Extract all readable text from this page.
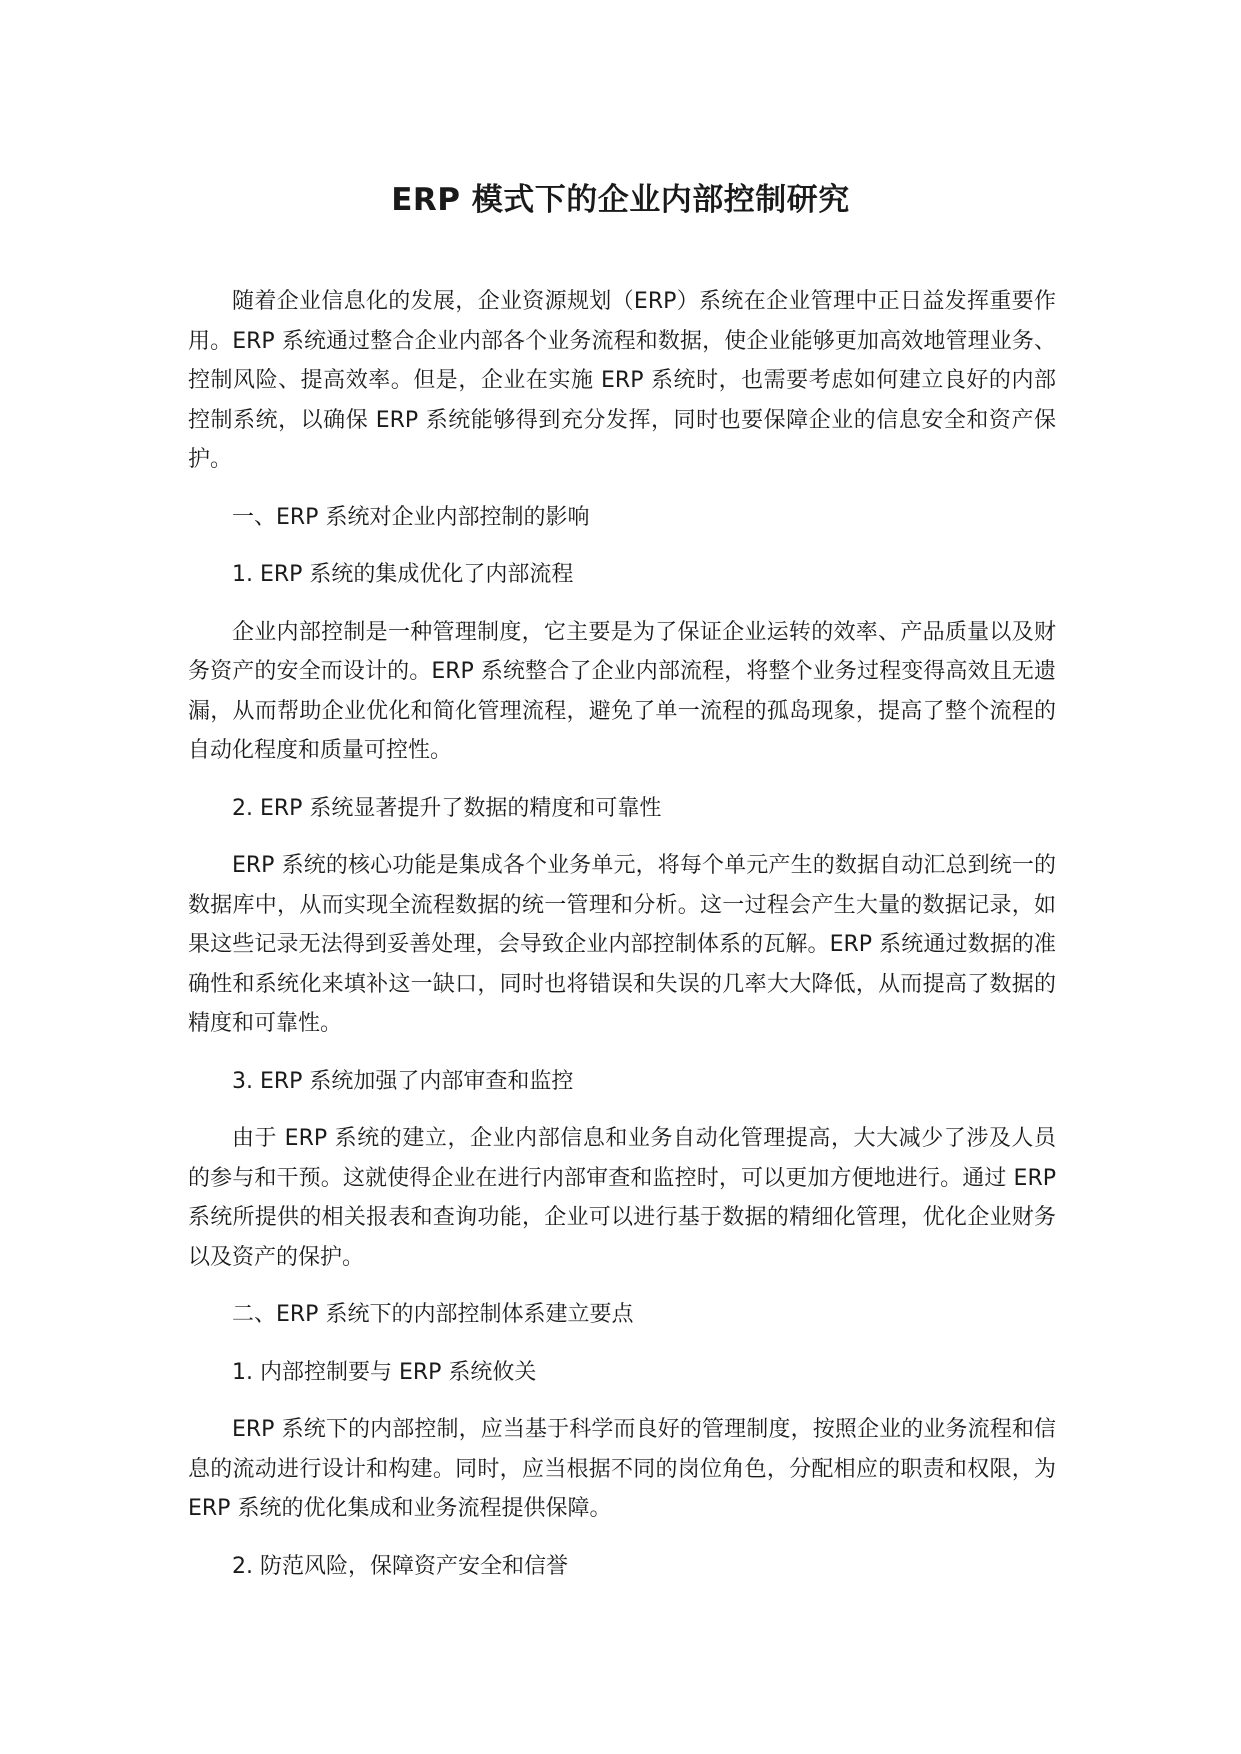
ERP 模式下的企业内部控制研究

随着企业信息化的发展，企业资源规划（ERP）系统在企业管理中正日益发挥重要作用。ERP 系统通过整合企业内部各个业务流程和数据，使企业能够更加高效地管理业务、控制风险、提高效率。但是，企业在实施 ERP 系统时，也需要考虑如何建立良好的内部控制系统，以确保 ERP 系统能够得到充分发挥，同时也要保障企业的信息安全和资产保护。

一、ERP 系统对企业内部控制的影响

1. ERP 系统的集成优化了内部流程

企业内部控制是一种管理制度，它主要是为了保证企业运转的效率、产品质量以及财务资产的安全而设计的。ERP 系统整合了企业内部流程，将整个业务过程变得高效且无遗漏，从而帮助企业优化和简化管理流程，避免了单一流程的孤岛现象，提高了整个流程的自动化程度和质量可控性。

2. ERP 系统显著提升了数据的精度和可靠性

ERP 系统的核心功能是集成各个业务单元，将每个单元产生的数据自动汇总到统一的数据库中，从而实现全流程数据的统一管理和分析。这一过程会产生大量的数据记录，如果这些记录无法得到妥善处理，会导致企业内部控制体系的瓦解。ERP 系统通过数据的准确性和系统化来填补这一缺口，同时也将错误和失误的几率大大降低，从而提高了数据的精度和可靠性。

3. ERP 系统加强了内部审查和监控

由于 ERP 系统的建立，企业内部信息和业务自动化管理提高，大大减少了涉及人员的参与和干预。这就使得企业在进行内部审查和监控时，可以更加方便地进行。通过 ERP 系统所提供的相关报表和查询功能，企业可以进行基于数据的精细化管理，优化企业财务以及资产的保护。

二、ERP 系统下的内部控制体系建立要点

1. 内部控制要与 ERP 系统攸关

ERP 系统下的内部控制，应当基于科学而良好的管理制度，按照企业的业务流程和信息的流动进行设计和构建。同时，应当根据不同的岗位角色，分配相应的职责和权限，为 ERP 系统的优化集成和业务流程提供保障。

2. 防范风险，保障资产安全和信誉
